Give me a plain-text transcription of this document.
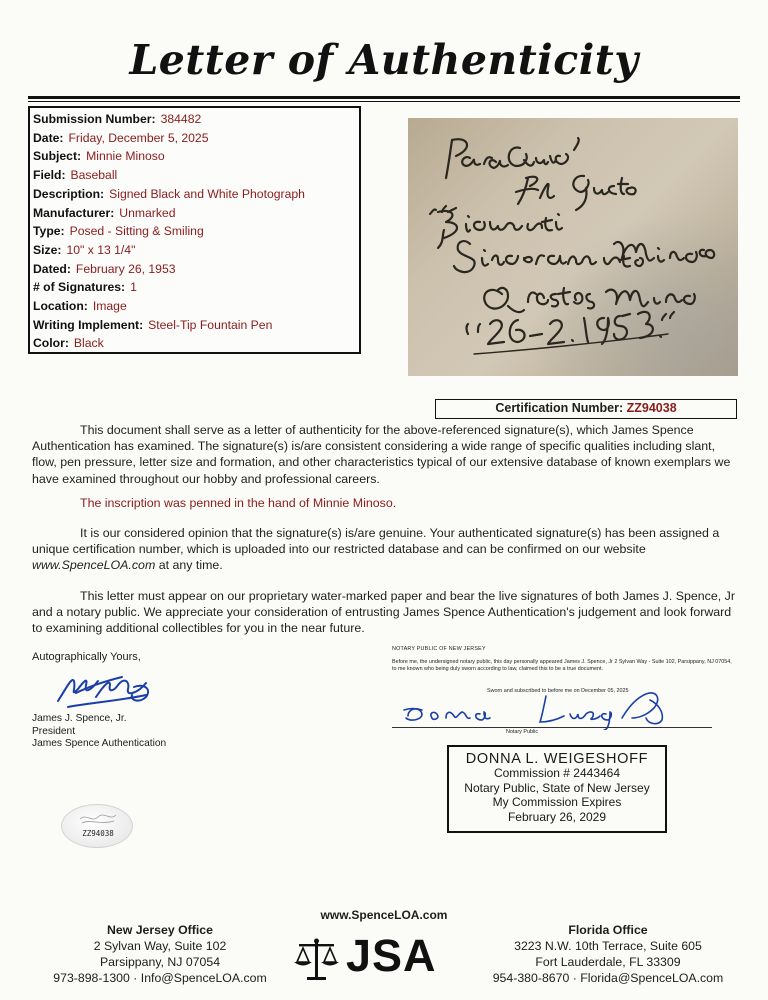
Letter of Authenticity
Submission Number: 384482
Date: Friday, December 5, 2025
Subject: Minnie Minoso
Field: Baseball
Description: Signed Black and White Photograph
Manufacturer: Unmarked
Type: Posed - Sitting & Smiling
Size: 10" x 13 1/4"
Dated: February 26, 1953
# of Signatures: 1
Location: Image
Writing Implement: Steel-Tip Fountain Pen
Color: Black
Certification Number: ZZ94038
This document shall serve as a letter of authenticity for the above-referenced signature(s), which James Spence Authentication has examined. The signature(s) is/are consistent considering a wide range of specific qualities including slant, flow, pen pressure, letter size and formation, and other characteristics typical of our extensive database of known exemplars we have examined throughout our hobby and professional careers.
The inscription was penned in the hand of Minnie Minoso.
It is our considered opinion that the signature(s) is/are genuine. Your authenticated signature(s) has been assigned a unique certification number, which is uploaded into our restricted database and can be confirmed on our website www.SpenceLOA.com at any time.
This letter must appear on our proprietary water-marked paper and bear the live signatures of both James J. Spence, Jr and a notary public. We appreciate your consideration of entrusting James Spence Authentication's judgement and look forward to examining additional collectibles for you in the near future.
Autographically Yours,
James J. Spence, Jr.
President
James Spence Authentication
NOTARY PUBLIC OF NEW JERSEY
Before me, the undersigned notary public, this day personally appeared James J. Spence, Jr 2 Sylvan Way - Suite 102, Parsippany, NJ 07054, to me known who being duly sworn according to law, claimed this to be a true document.
Sworn and subscribed to before me on December 05, 2025
Notary Public
DONNA L. WEIGESHOFF
Commission # 2443464
Notary Public, State of New Jersey
My Commission Expires
February 26, 2029
ZZ94038
www.SpenceLOA.com
New Jersey Office
2 Sylvan Way, Suite 102
Parsippany, NJ 07054
973-898-1300 · Info@SpenceLOA.com	JSA	Florida Office
3223 N.W. 10th Terrace, Suite 605
Fort Lauderdale, FL 33309
954-380-8670 · Florida@SpenceLOA.com
